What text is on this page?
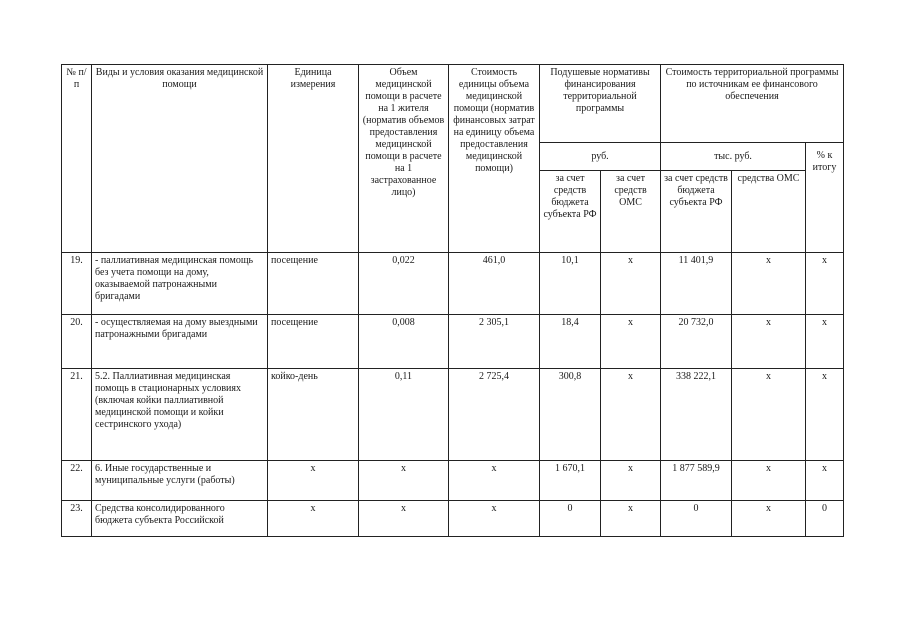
№ п/п	Виды и условия оказания медицинской помощи	Единица измерения	Объем медицинской помощи в расчете на 1 жителя (норматив объемов предоставления медицинской помощи в расчете на 1 застрахованное лицо)	Стоимость единицы объема медицинской помощи (норматив финансовых затрат на единицу объема предоставления медицинской помощи)	Подушевые нормативы финансирования территориальной программы		Стоимость территориальной программы по источникам ее финансового обеспечения		
					руб.		тыс. руб.		% к итогу
					за счет средств бюджета субъекта РФ	за счет средств ОМС	за счет средств бюджета субъекта РФ	средства ОМС	
19.	- паллиативная медицинская помощь без учета помощи на дому, оказываемой патронажными бригадами	посещение	0,022	461,0	10,1	х	11 401,9	х	х
20.	- осуществляемая на дому выездными патронажными бригадами	посещение	0,008	2 305,1	18,4	х	20 732,0	х	х
21.	5.2. Паллиативная медицинская помощь в стационарных условиях (включая койки паллиативной медицинской помощи и койки сестринского ухода)	койко-день	0,11	2 725,4	300,8	х	338 222,1	х	х
22.	6. Иные государственные и муниципальные услуги (работы)	х	х	х	1 670,1	х	1 877 589,9	х	х
23.	Средства консолидированного бюджета субъекта Российской	х	х	х	0	х	0	х	0
